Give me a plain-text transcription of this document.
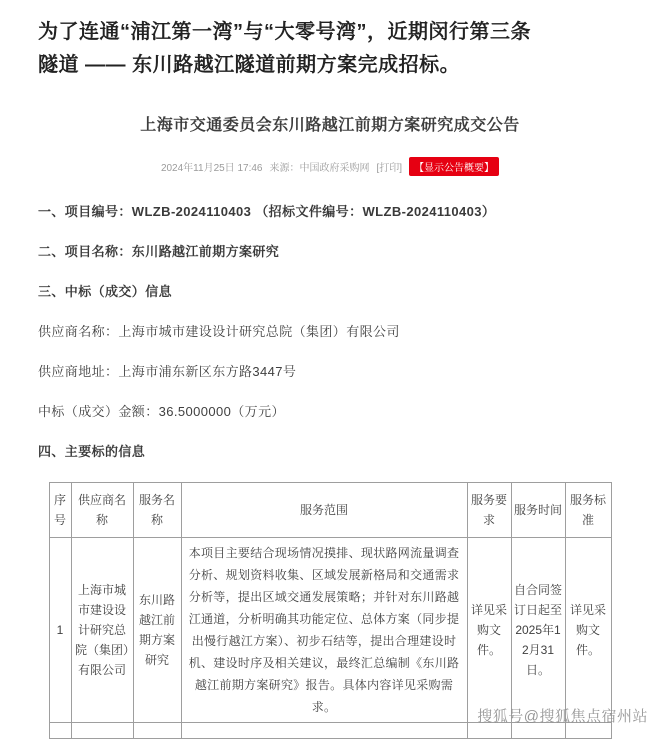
为了连通“浦江第一湾”与“大零号湾”，近期闵行第三条
隧道 —— 东川路越江隧道前期方案完成招标。
上海市交通委员会东川路越江前期方案研究成交公告
2024年11月25日 17:46 来源：中国政府采购网 [打印]	【显示公告概要】
一、项目编号：WLZB-2024110403 （招标文件编号：WLZB-2024110403）
二、项目名称：东川路越江前期方案研究
三、中标（成交）信息
供应商名称：上海市城市建设设计研究总院（集团）有限公司
供应商地址：上海市浦东新区东方路3447号
中标（成交）金额：36.5000000（万元）
四、主要标的信息
序号	供应商名称	服务名称	服务范围	服务要求	服务时间	服务标准
1	上海市城市建设设计研究总院（集团）有限公司	东川路越江前期方案研究	本项目主要结合现场情况摸排、现状路网流量调查分析、规划资料收集、区域发展新格局和交通需求分析等，提出区域交通发展策略；并针对东川路越江通道，分析明确其功能定位、总体方案（同步提出慢行越江方案）、初步石结等，提出合理建设时机、建设时序及相关建议，最终汇总编制《东川路越江前期方案研究》报告。具体内容详见采购需求。	详见采购文件。	自合同签订日起至2025年12月31日。	详见采购文件。

搜狐号@搜狐焦点宿州站
